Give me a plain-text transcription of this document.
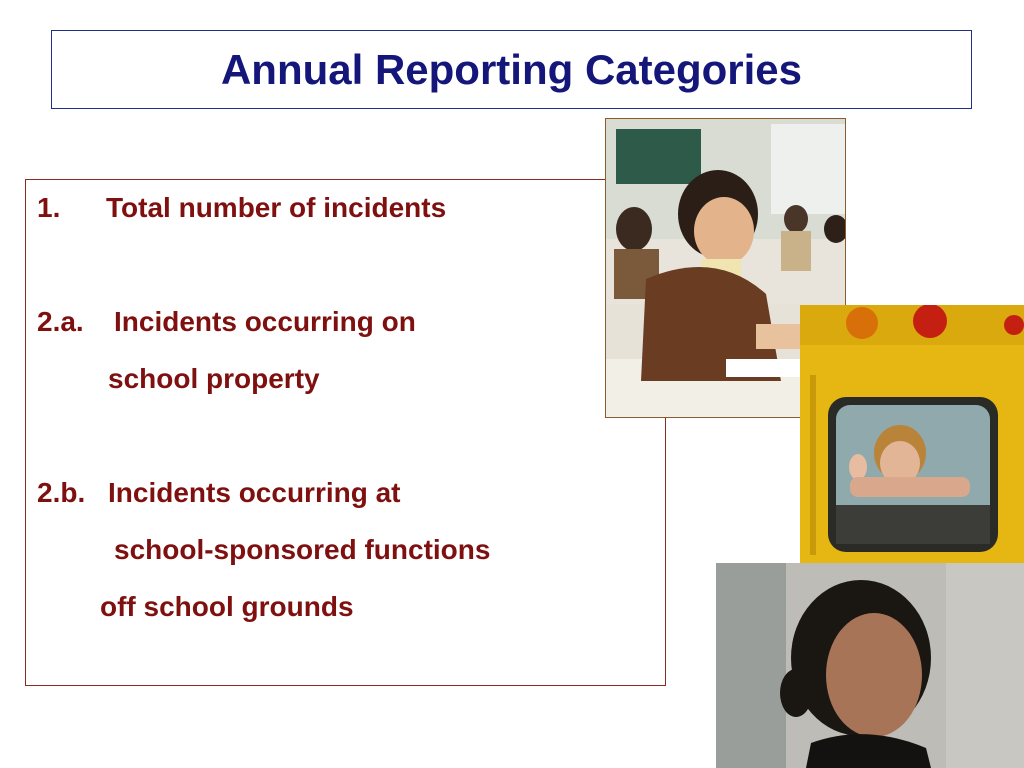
Annual Reporting Categories
1. Total number of incidents
2.a. Incidents occurring on
school property
2.b. Incidents occurring at
school-sponsored functions
off school grounds
